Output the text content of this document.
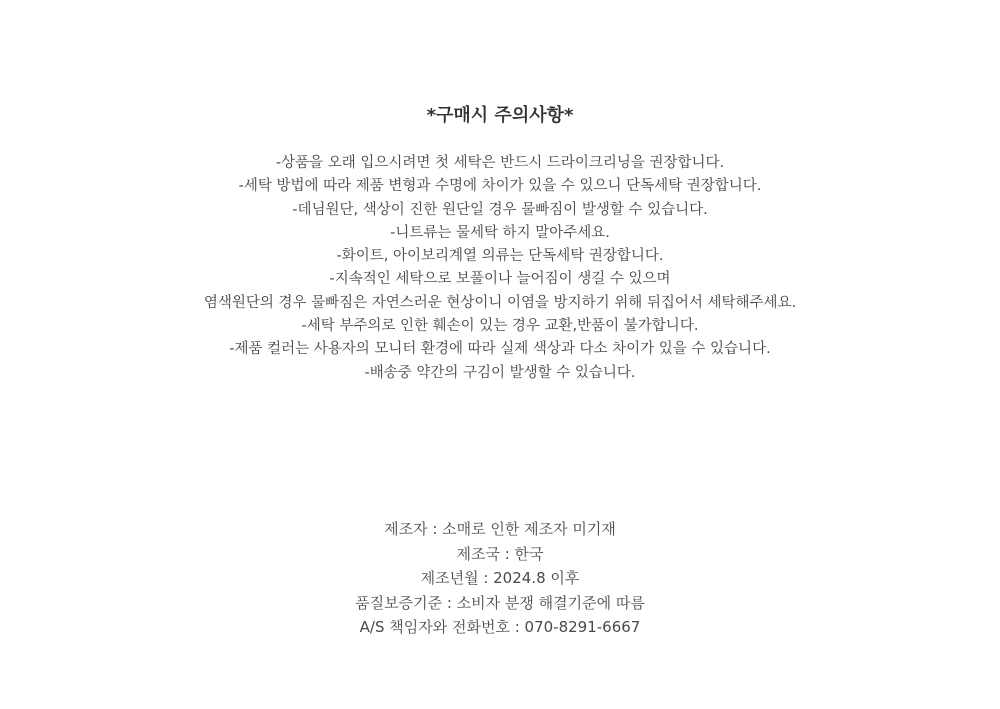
*구매시 주의사항*
-상품을 오래 입으시려면 첫 세탁은 반드시 드라이크리닝을 권장합니다.
-세탁 방법에 따라 제품 변형과 수명에 차이가 있을 수 있으니 단독세탁 권장합니다.
-데님원단, 색상이 진한 원단일 경우 물빠짐이 발생할 수 있습니다.
-니트류는 물세탁 하지 말아주세요.
-화이트, 아이보리계열 의류는 단독세탁 권장합니다.
-지속적인 세탁으로 보풀이나 늘어짐이 생길 수 있으며
염색원단의 경우 물빠짐은 자연스러운 현상이니 이염을 방지하기 위해 뒤집어서 세탁해주세요.
-세탁 부주의로 인한 훼손이 있는 경우 교환,반품이 불가합니다.
-제품 컬러는 사용자의 모니터 환경에 따라 실제 색상과 다소 차이가 있을 수 있습니다.
-배송중 약간의 구김이 발생할 수 있습니다.
제조자 : 소매로 인한 제조자 미기재
제조국 : 한국
제조년월 : 2024.8 이후
품질보증기준 : 소비자 분쟁 해결기준에 따름
A/S 책임자와 전화번호 : 070-8291-6667
